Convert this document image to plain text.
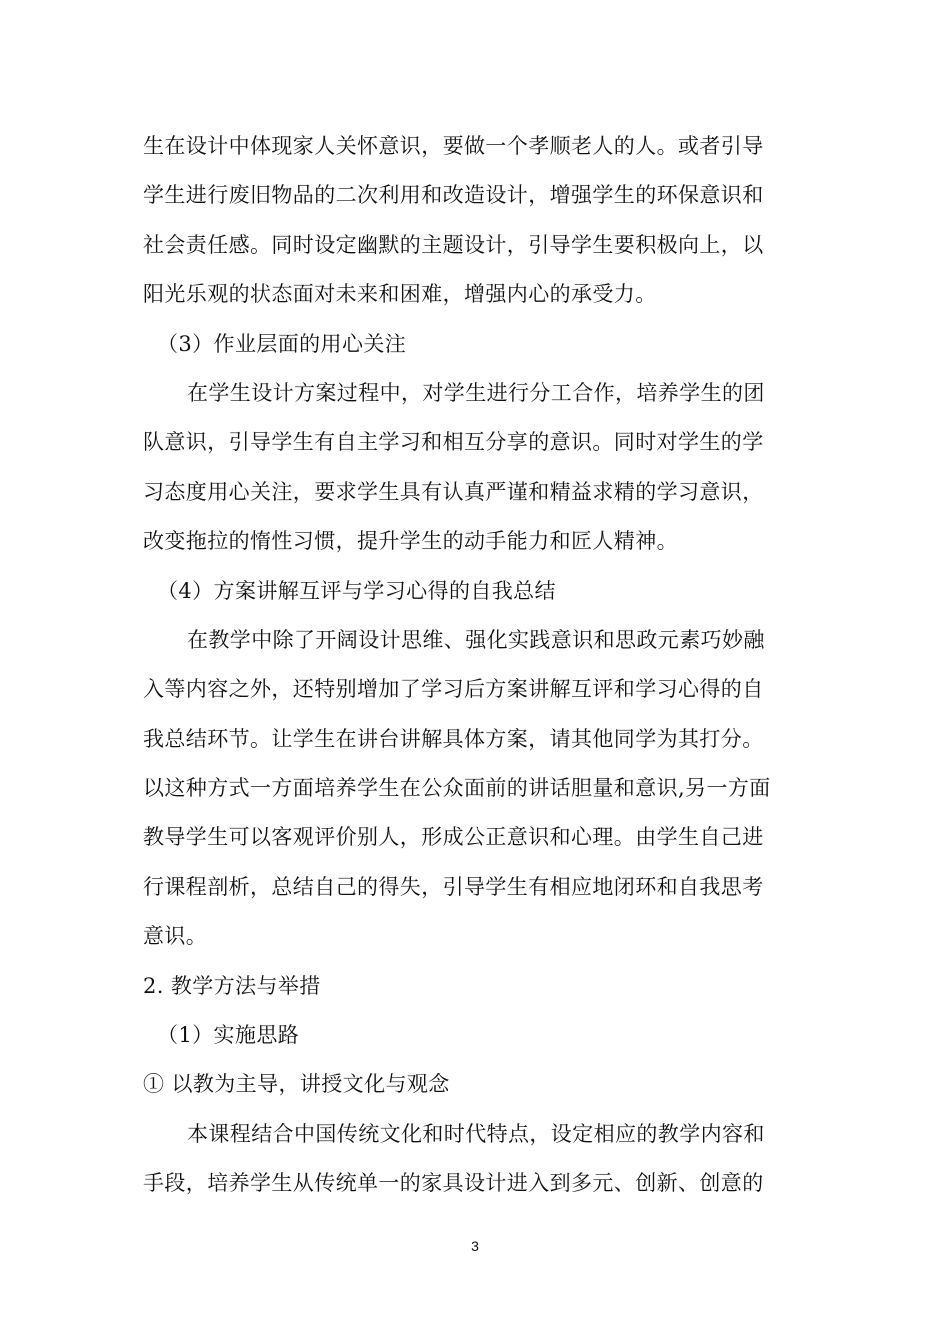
生在设计中体现家人关怀意识，要做一个孝顺老人的人。或者引导

学生进行废旧物品的二次利用和改造设计，增强学生的环保意识和

社会责任感。同时设定幽默的主题设计，引导学生要积极向上，以

阳光乐观的状态面对未来和困难，增强内心的承受力。

（3）作业层面的用心关注

在学生设计方案过程中，对学生进行分工合作，培养学生的团

队意识，引导学生有自主学习和相互分享的意识。同时对学生的学

习态度用心关注，要求学生具有认真严谨和精益求精的学习意识，

改变拖拉的惰性习惯，提升学生的动手能力和匠人精神。

（4）方案讲解互评与学习心得的自我总结

在教学中除了开阔设计思维、强化实践意识和思政元素巧妙融

入等内容之外，还特别增加了学习后方案讲解互评和学习心得的自

我总结环节。让学生在讲台讲解具体方案，请其他同学为其打分。

以这种方式一方面培养学生在公众面前的讲话胆量和意识,另一方面

教导学生可以客观评价别人，形成公正意识和心理。由学生自己进

行课程剖析，总结自己的得失，引导学生有相应地闭环和自我思考

意识。

2. 教学方法与举措

（1）实施思路

① 以教为主导，讲授文化与观念

本课程结合中国传统文化和时代特点，设定相应的教学内容和

手段，培养学生从传统单一的家具设计进入到多元、创新、创意的

3
